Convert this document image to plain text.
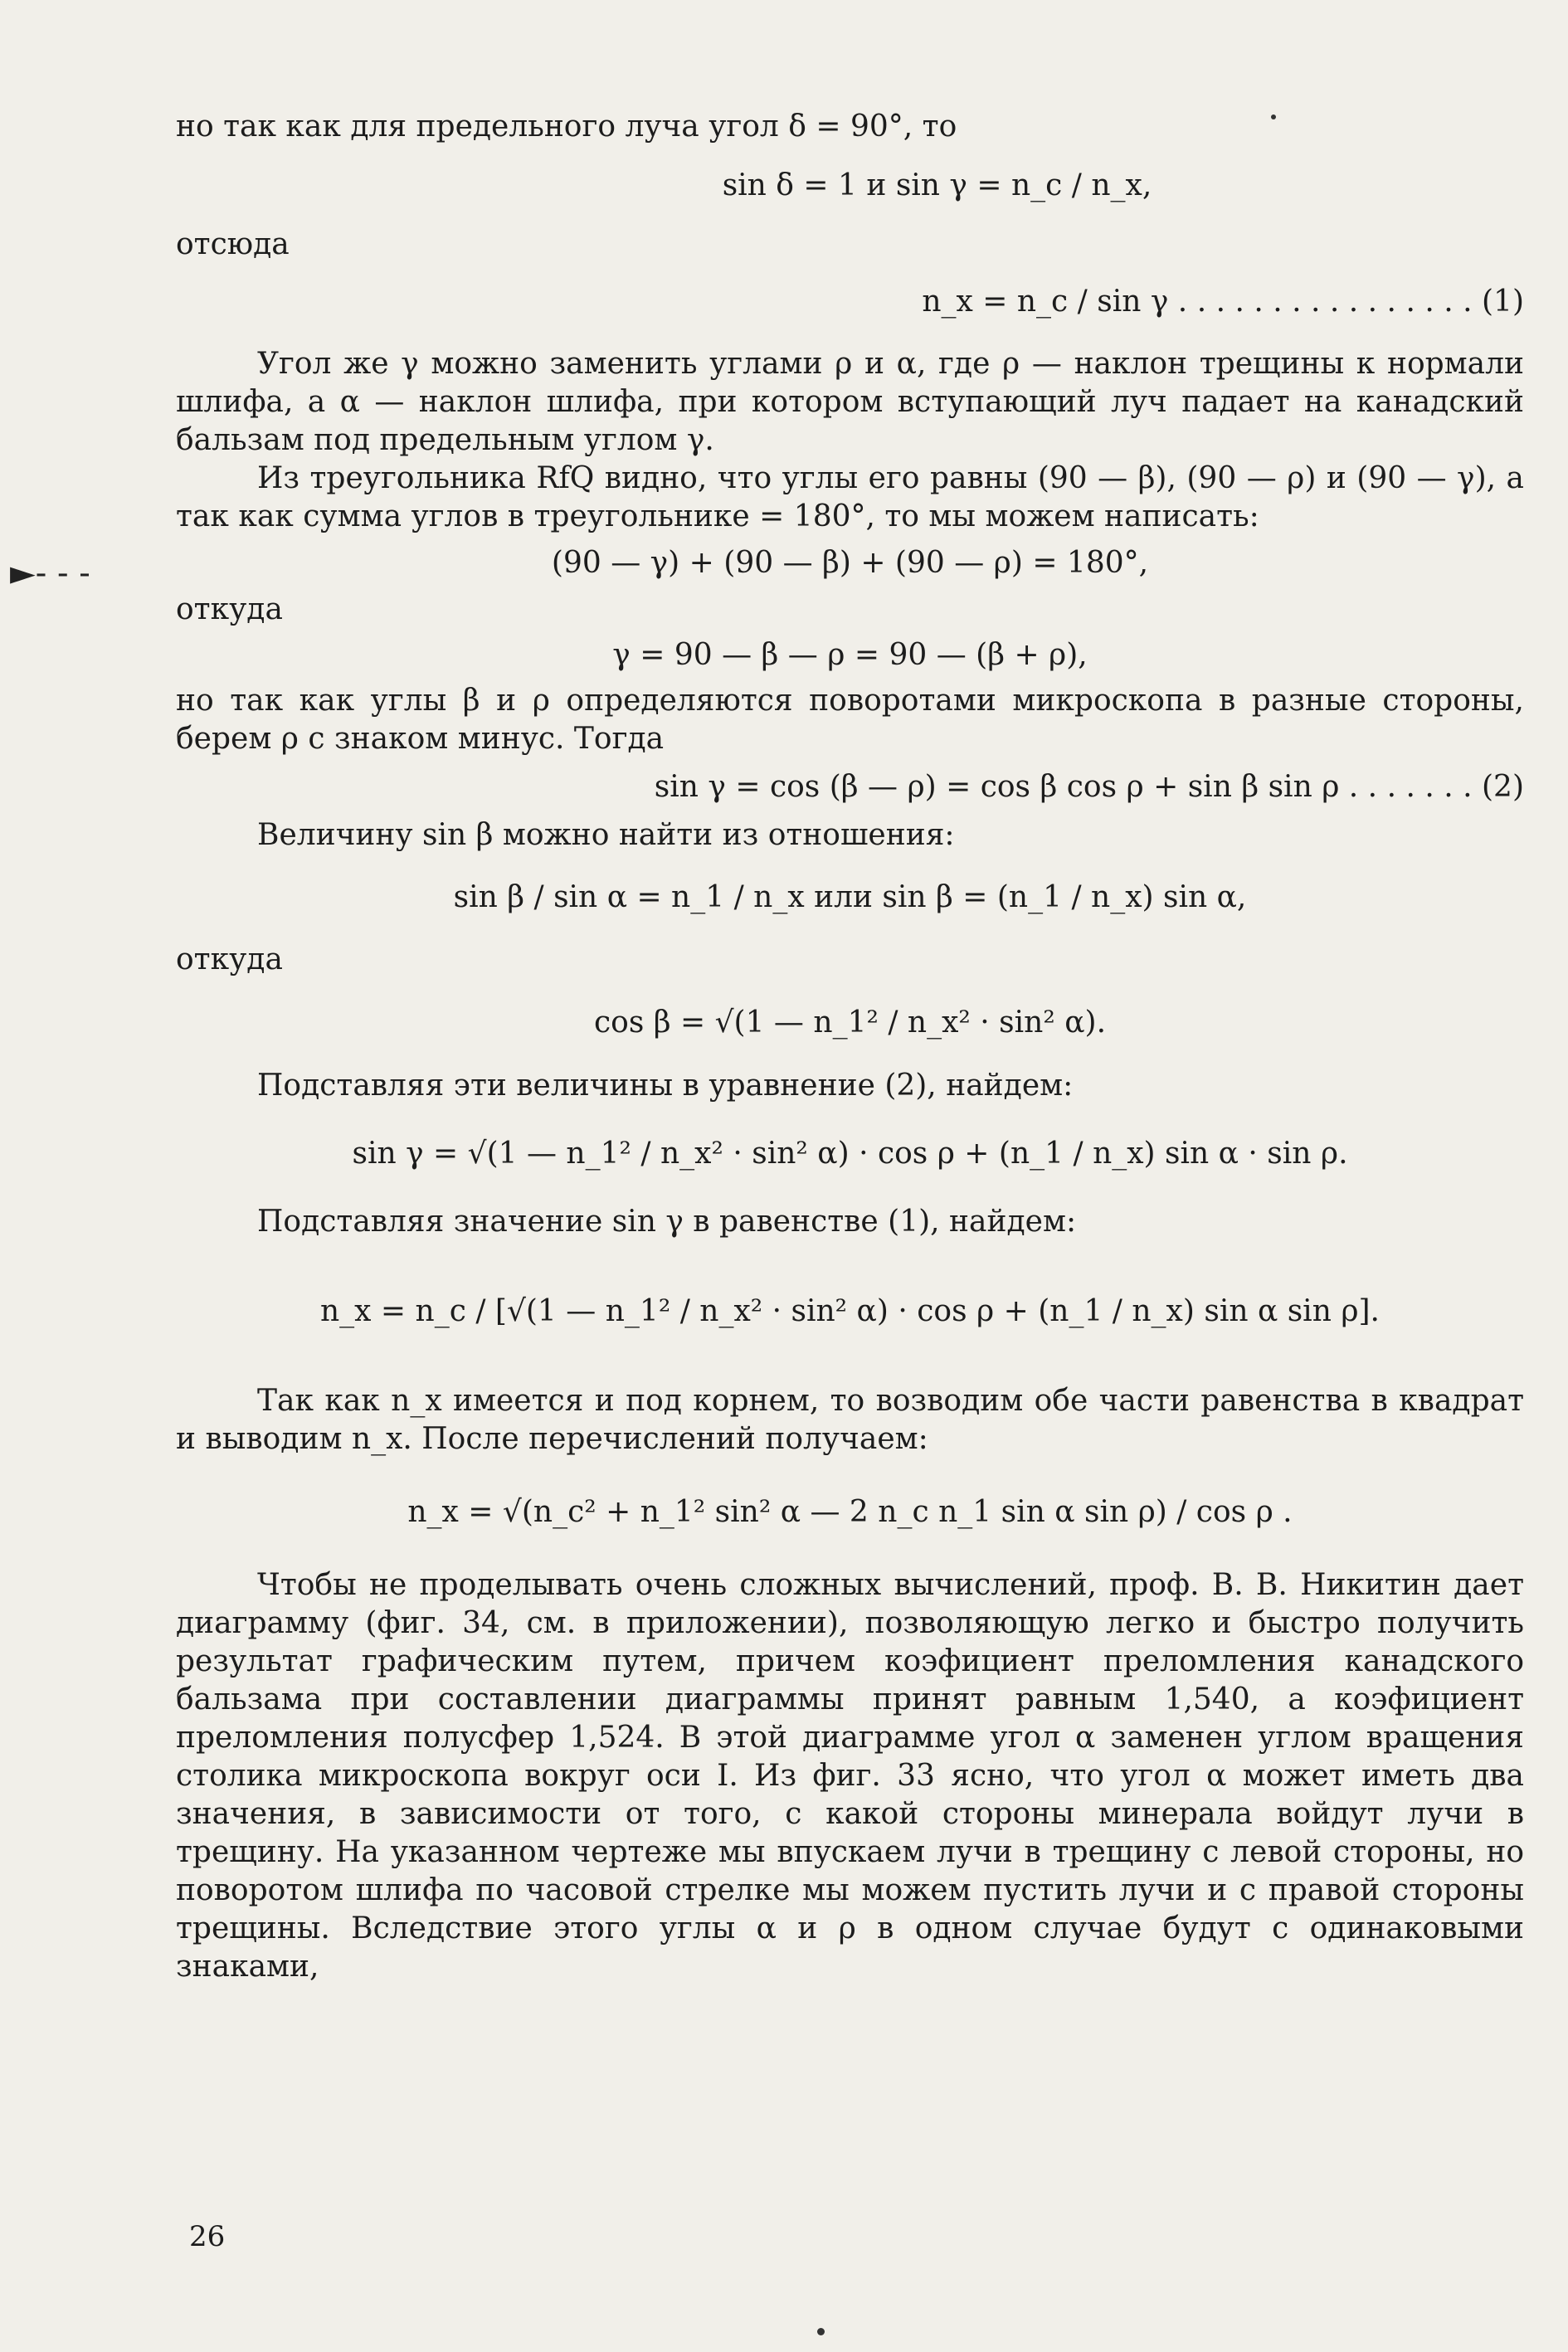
►- - -

но так как для предельного луча угол δ = 90°, то

sin δ = 1 и sin γ = n_c / n_x,

отсюда

n_x = n_c / sin γ . . . . . . . . . . . . . . . . (1)

Угол же γ можно заменить углами ρ и α, где ρ — наклон трещины к нормали шлифа, а α — наклон шлифа, при котором вступающий луч падает на канадский бальзам под предельным углом γ.

Из треугольника RfQ видно, что углы его равны (90 — β), (90 — ρ) и (90 — γ), а так как сумма углов в треугольнике = 180°, то мы можем написать:

(90 — γ) + (90 — β) + (90 — ρ) = 180°,

откуда

γ = 90 — β — ρ = 90 — (β + ρ),

но так как углы β и ρ определяются поворотами микроскопа в разные стороны, берем ρ с знаком минус. Тогда

sin γ = cos (β — ρ) = cos β cos ρ + sin β sin ρ . . . . . . . (2)

Величину sin β можно найти из отношения:

sin β / sin α = n_1 / n_x или sin β = (n_1 / n_x) sin α,

откуда

cos β = √(1 — n_1² / n_x² · sin² α).

Подставляя эти величины в уравнение (2), найдем:

sin γ = √(1 — n_1² / n_x² · sin² α) · cos ρ + (n_1 / n_x) sin α · sin ρ.

Подставляя значение sin γ в равенстве (1), найдем:

n_x = n_c / [√(1 — n_1² / n_x² · sin² α) · cos ρ + (n_1 / n_x) sin α sin ρ].

Так как n_x имеется и под корнем, то возводим обе части равенства в квадрат и выводим n_x. После перечислений получаем:

n_x = √(n_c² + n_1² sin² α — 2 n_c n_1 sin α sin ρ) / cos ρ .

Чтобы не проделывать очень сложных вычислений, проф. В. В. Никитин дает диаграмму (фиг. 34, см. в приложении), позволяющую легко и быстро получить результат графическим путем, причем коэфициент преломления канадского бальзама при составлении диаграммы принят равным 1,540, а коэфициент преломления полусфер 1,524. В этой диаграмме угол α заменен углом вращения столика микроскопа вокруг оси I. Из фиг. 33 ясно, что угол α может иметь два значения, в зависимости от того, с какой стороны минерала войдут лучи в трещину. На указанном чертеже мы впускаем лучи в трещину с левой стороны, но поворотом шлифа по часовой стрелке мы можем пустить лучи и с правой стороны трещины. Вследствие этого углы α и ρ в одном случае будут с одинаковыми знаками,

26
